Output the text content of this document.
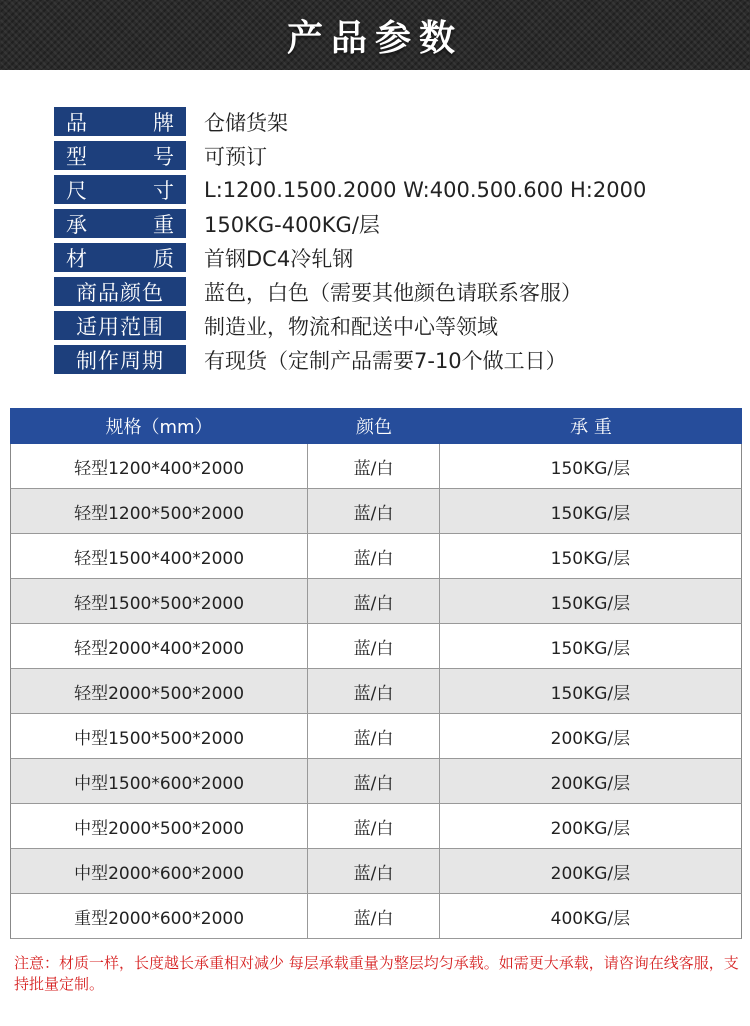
产品参数
品	牌 仓储货架
型	号 可预订
尺	寸 L:1200.1500.2000 W:400.500.600 H:2000
承	重 150KG-400KG/层
材	质 首钢DC4冷轧钢
商品颜色 蓝色，白色（需要其他颜色请联系客服）
适用范围 制造业，物流和配送中心等领域
制作周期 有现货（定制产品需要7-10个做工日）
规格（mm）	颜色	承 重
轻型1200*400*2000	蓝/白	150KG/层
轻型1200*500*2000	蓝/白	150KG/层
轻型1500*400*2000	蓝/白	150KG/层
轻型1500*500*2000	蓝/白	150KG/层
轻型2000*400*2000	蓝/白	150KG/层
轻型2000*500*2000	蓝/白	150KG/层
中型1500*500*2000	蓝/白	200KG/层
中型1500*600*2000	蓝/白	200KG/层
中型2000*500*2000	蓝/白	200KG/层
中型2000*600*2000	蓝/白	200KG/层
重型2000*600*2000	蓝/白	400KG/层
注意：材质一样，长度越长承重相对减少 每层承载重量为整层均匀承载。如需更大承载，请咨询在线客服，支持批量定制。
